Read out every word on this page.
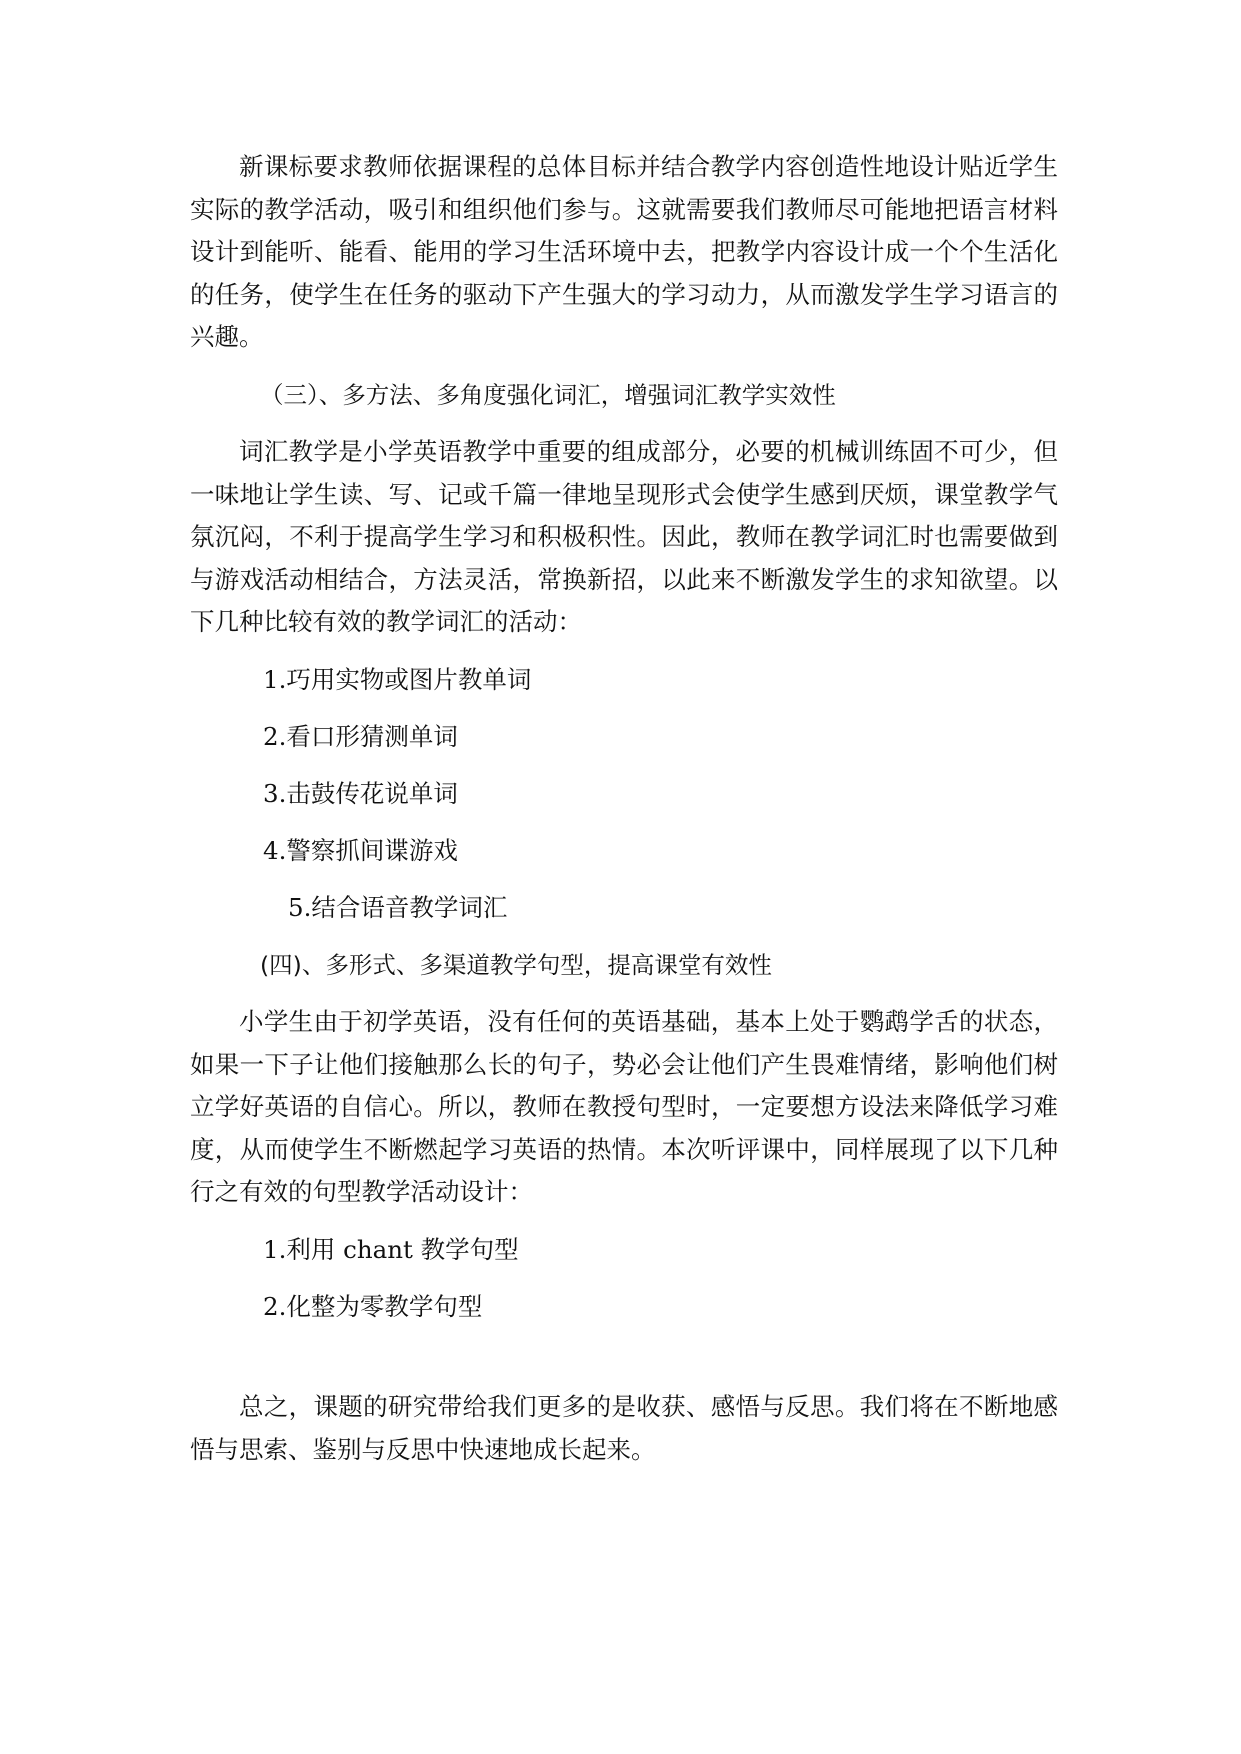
新课标要求教师依据课程的总体目标并结合教学内容创造性地设计贴近学生实际的教学活动，吸引和组织他们参与。这就需要我们教师尽可能地把语言材料设计到能听、能看、能用的学习生活环境中去，把教学内容设计成一个个生活化的任务，使学生在任务的驱动下产生强大的学习动力，从而激发学生学习语言的兴趣。

（三）、多方法、多角度强化词汇，增强词汇教学实效性

词汇教学是小学英语教学中重要的组成部分，必要的机械训练固不可少，但一味地让学生读、写、记或千篇一律地呈现形式会使学生感到厌烦，课堂教学气氛沉闷，不利于提高学生学习和积极积性。因此，教师在教学词汇时也需要做到与游戏活动相结合，方法灵活，常换新招，以此来不断激发学生的求知欲望。以下几种比较有效的教学词汇的活动：

1.巧用实物或图片教单词

2.看口形猜测单词

3.击鼓传花说单词

4.警察抓间谍游戏

5.结合语音教学词汇

(四)、多形式、多渠道教学句型，提高课堂有效性

小学生由于初学英语，没有任何的英语基础，基本上处于鹦鹉学舌的状态，如果一下子让他们接触那么长的句子，势必会让他们产生畏难情绪，影响他们树立学好英语的自信心。所以，教师在教授句型时，一定要想方设法来降低学习难度，从而使学生不断燃起学习英语的热情。本次听评课中，同样展现了以下几种行之有效的句型教学活动设计：

1.利用 chant 教学句型

2.化整为零教学句型

总之，课题的研究带给我们更多的是收获、感悟与反思。我们将在不断地感悟与思索、鉴别与反思中快速地成长起来。
